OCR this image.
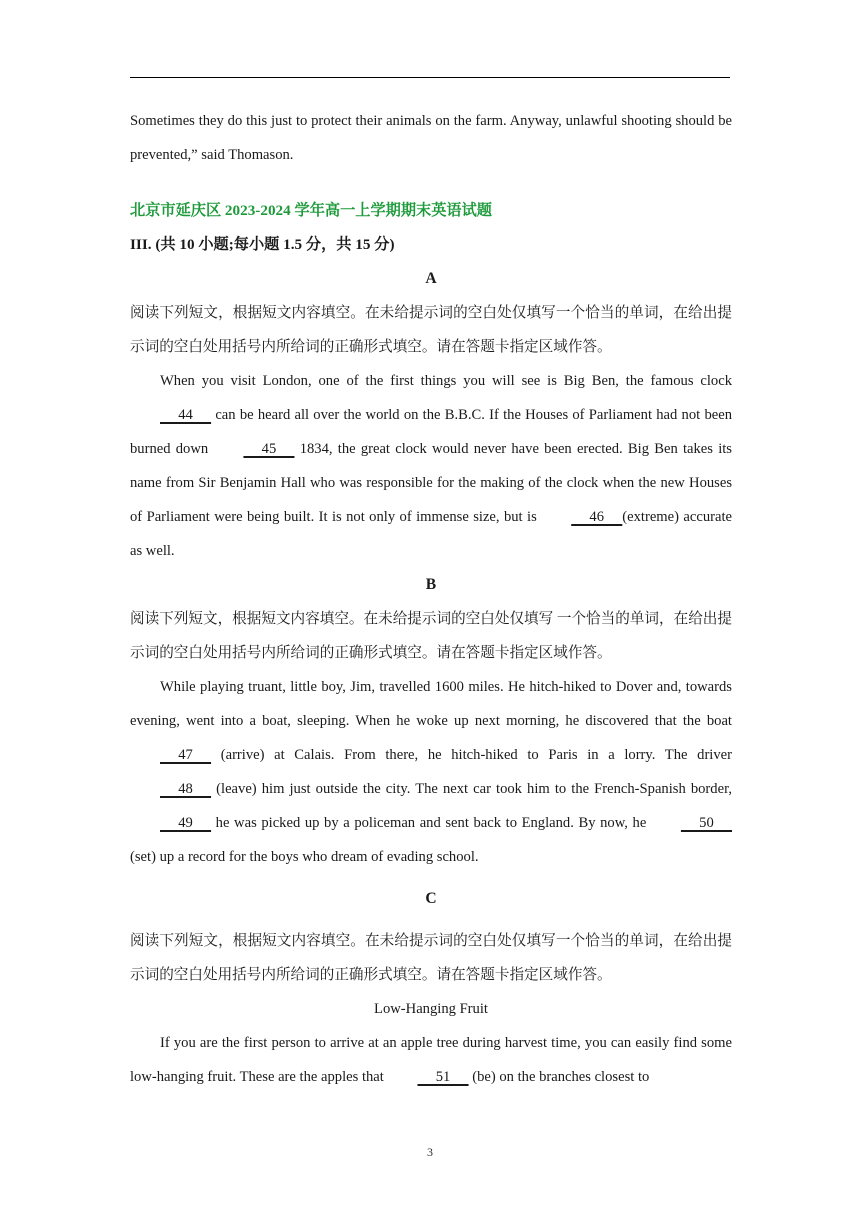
Sometimes they do this just to protect their animals on the farm. Anyway, unlawful shooting should be prevented,” said Thomason.

北京市延庆区 2023-2024 学年高一上学期期末英语试题

III. (共 10 小题;每小题 1.5 分，共 15 分)

A

阅读下列短文，根据短文内容填空。在未给提示词的空白处仅填写一个恰当的单词，在给出提示词的空白处用括号内所给词的正确形式填空。请在答题卡指定区域作答。

When you visit London, one of the first things you will see is Big Ben, the famous clock      44      can be heard all over the world on the B.B.C. If the Houses of Parliament had not been burned down      45      1834, the great clock would never have been erected. Big Ben takes its name from Sir Benjamin Hall who was responsible for the making of the clock when the new Houses of Parliament were being built. It is not only of immense size, but is      46     (extreme) accurate as well.

B

阅读下列短文，根据短文内容填空。在未给提示词的空白处仅填写 一个恰当的单词，在给出提示词的空白处用括号内所给词的正确形式填空。请在答题卡指定区域作答。

While playing truant, little boy, Jim, travelled 1600 miles. He hitch-hiked to Dover and, towards evening, went into a boat, sleeping. When he woke up next morning, he discovered that the boat      47      (arrive) at Calais. From there, he hitch-hiked to Paris in a lorry. The driver      48      (leave) him just outside the city. The next car took him to the French-Spanish border,      49      he was picked up by a policeman and sent back to England. By now, he      50      (set) up a record for the boys who dream of evading school.

C

阅读下列短文，根据短文内容填空。在未给提示词的空白处仅填写一个恰当的单词，在给出提示词的空白处用括号内所给词的正确形式填空。请在答题卡指定区域作答。

Low-Hanging Fruit

If you are the first person to arrive at an apple tree during harvest time, you can easily find some low-hanging fruit. These are the apples that      51      (be) on the branches closest to

3
